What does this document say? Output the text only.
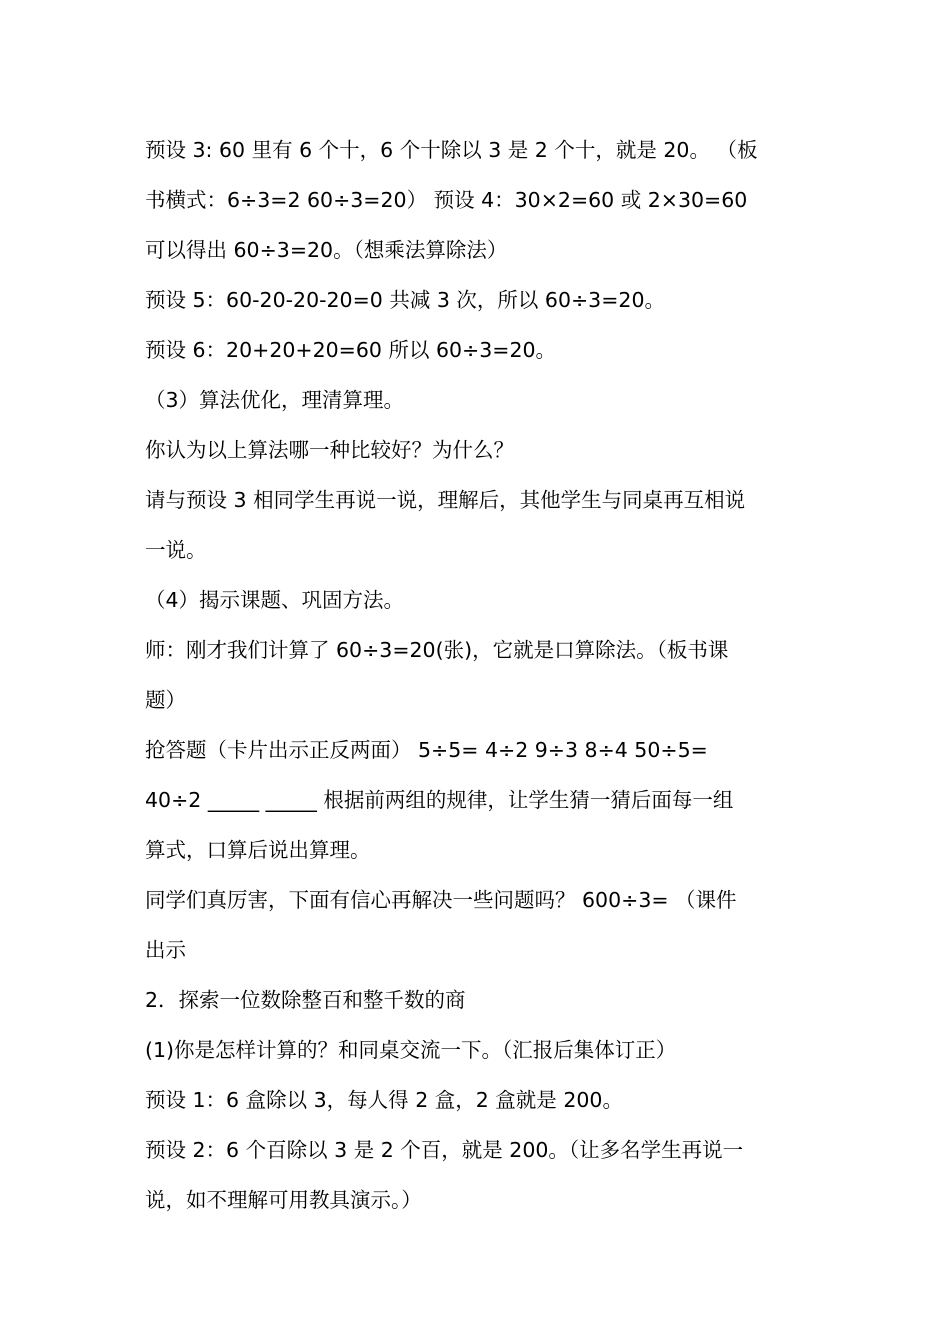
预设 3: 60 里有 6 个十，6 个十除以 3 是 2 个十，就是 20。 （板
书横式：6÷3=2 60÷3=20） 预设 4：30×2=60 或 2×30=60
可以得出 60÷3=20。（想乘法算除法）
预设 5：60-20-20-20=0 共减 3 次，所以 60÷3=20。
预设 6：20+20+20=60 所以 60÷3=20。
（3）算法优化，理清算理。
你认为以上算法哪一种比较好？为什么？
请与预设 3 相同学生再说一说，理解后，其他学生与同桌再互相说
一说。
（4）揭示课题、巩固方法。
师：刚才我们计算了 60÷3=20(张)，它就是口算除法。（板书课
题）
抢答题（卡片出示正反两面） 5÷5= 4÷2 9÷3 8÷4 50÷5=
40÷2 _____ _____ 根据前两组的规律，让学生猜一猜后面每一组
算式，口算后说出算理。
同学们真厉害，下面有信心再解决一些问题吗？ 600÷3= （课件
出示
2．探索一位数除整百和整千数的商
(1)你是怎样计算的？和同桌交流一下。（汇报后集体订正）
预设 1：6 盒除以 3，每人得 2 盒，2 盒就是 200。
预设 2：6 个百除以 3 是 2 个百，就是 200。（让多名学生再说一
说，如不理解可用教具演示。）
